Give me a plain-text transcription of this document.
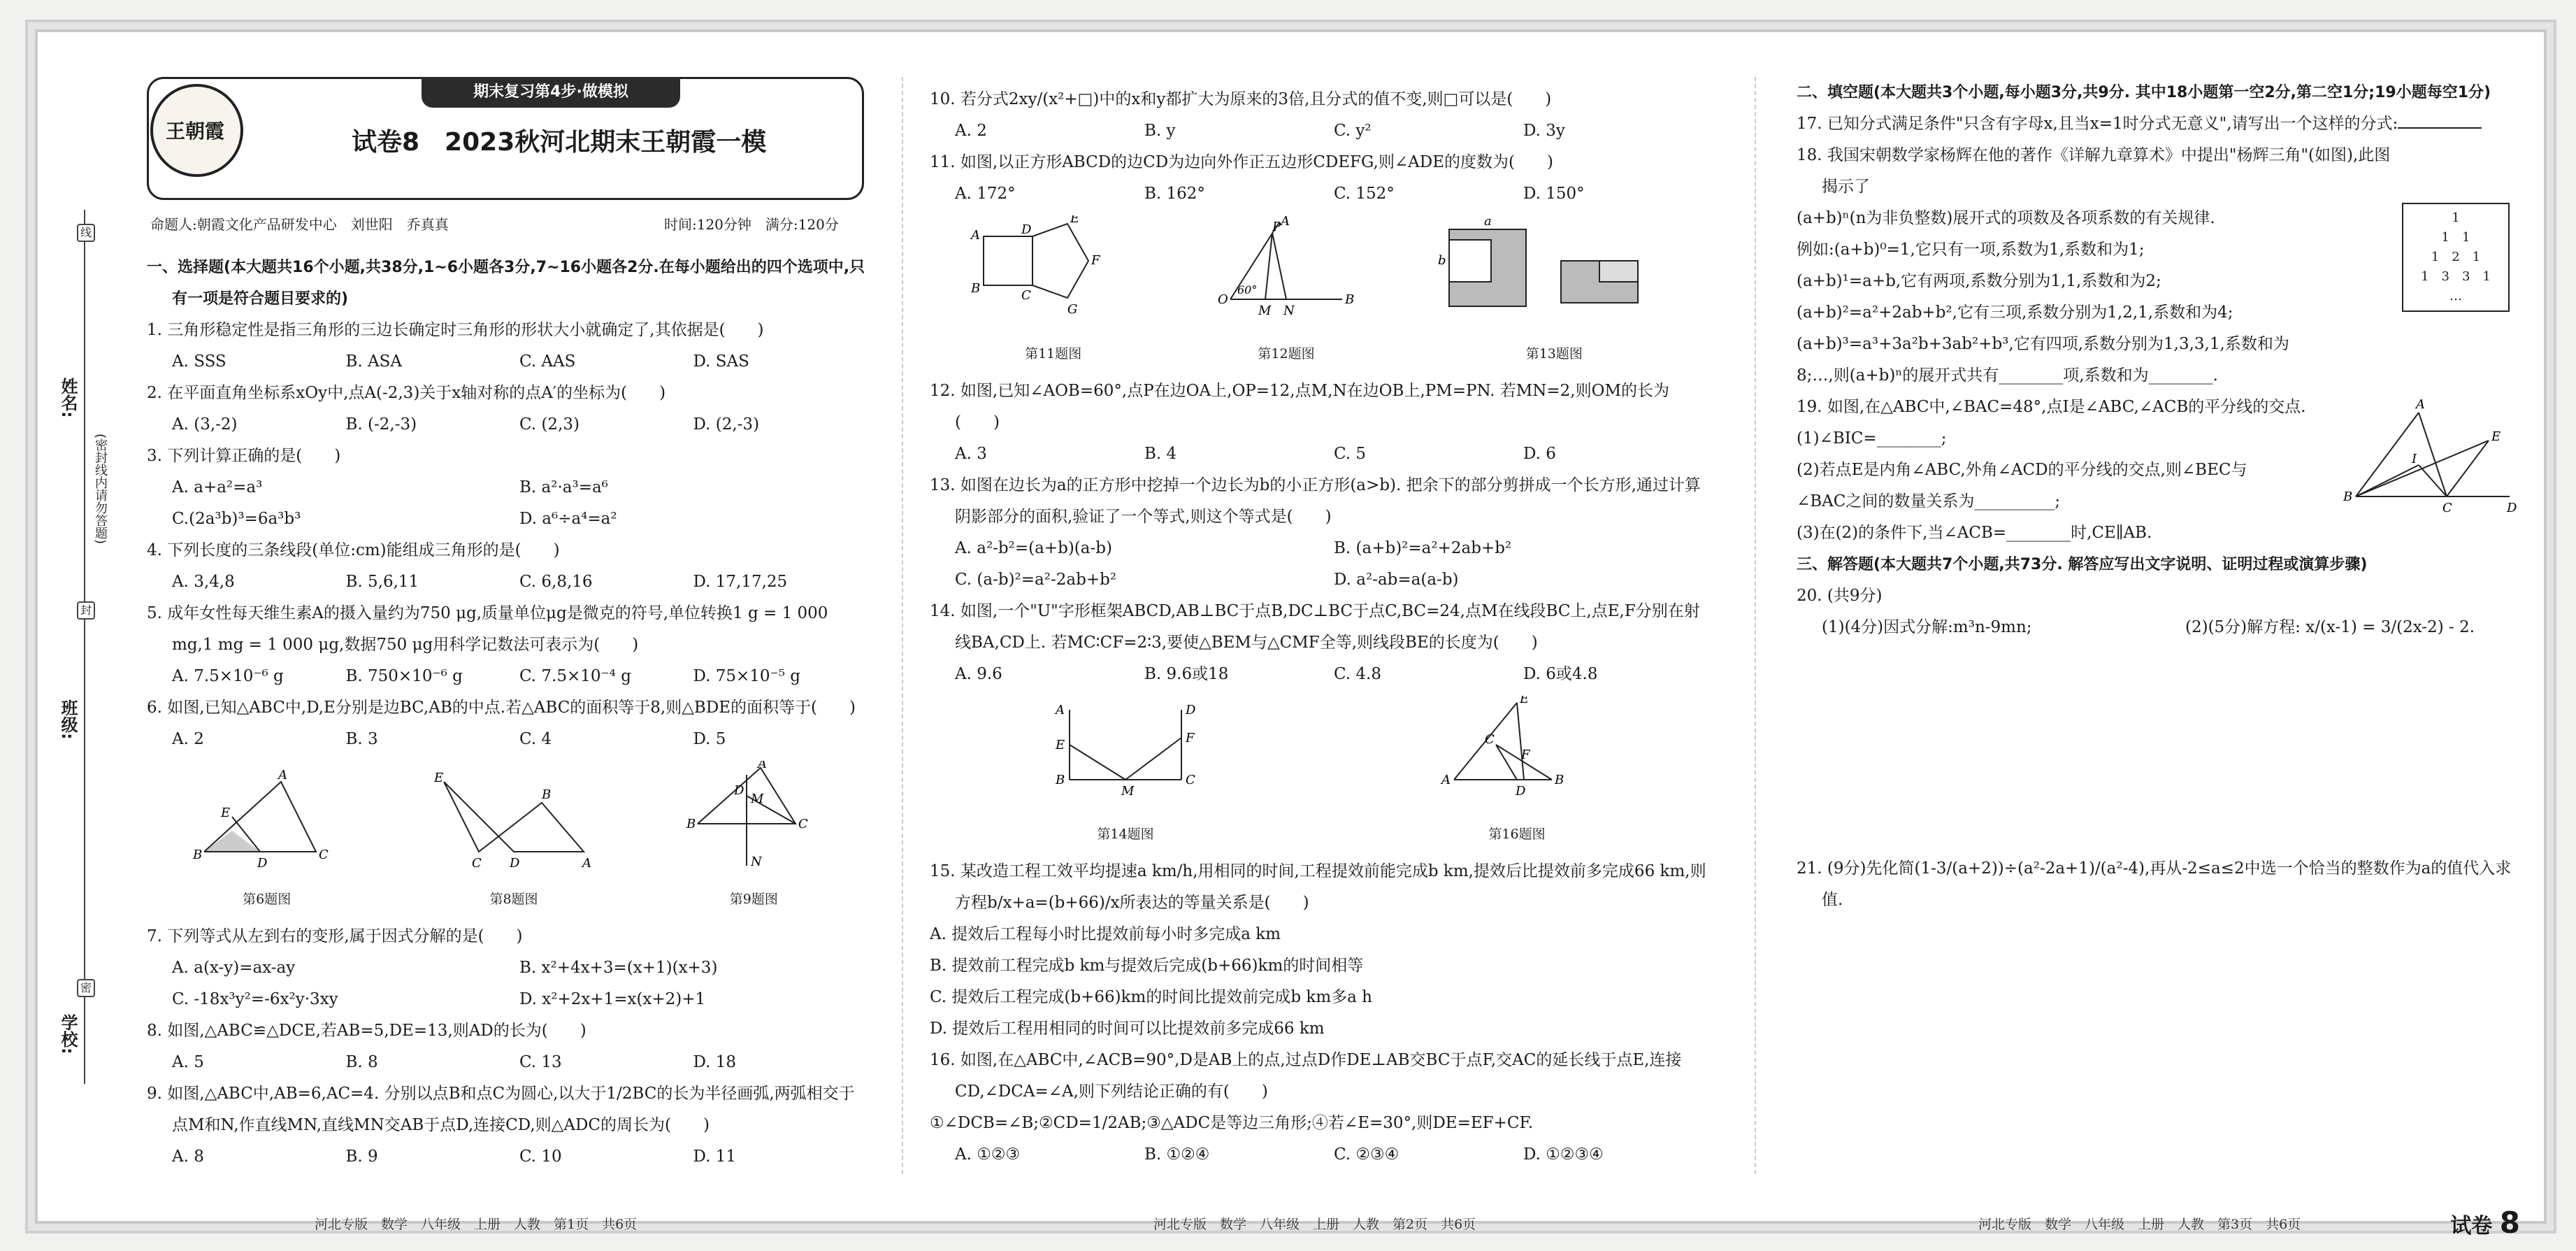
线
封
密
姓名:
(密封线内请勿答题)
班级:
学校:
期末复习第4步·做模拟
试卷8　2023秋河北期末王朝霞一模
王朝霞
命题人:朝霞文化产品研发中心　刘世阳　乔真真	时间:120分钟　满分:120分

一、选择题(本大题共16个小题,共38分,1~6小题各3分,7~16小题各2分.在每小题给出的四个选项中,只有一项是符合题目要求的)

1. 三角形稳定性是指三角形的三边长确定时三角形的形状大小就确定了,其依据是(　　)

A. SSS	B. ASA	C. AAS	D. SAS

2. 在平面直角坐标系xOy中,点A(-2,3)关于x轴对称的点A′的坐标为(　　)

A. (3,-2)	B. (-2,-3)	C. (2,3)	D. (2,-3)

3. 下列计算正确的是(　　)

A. a+a²=a³	B. a²·a³=a⁶
C.(2a³b)³=6a³b³	D. a⁶÷a⁴=a²

4. 下列长度的三条线段(单位:cm)能组成三角形的是(　　)

A. 3,4,8	B. 5,6,11	C. 6,8,16	D. 17,17,25

5. 成年女性每天维生素A的摄入量约为750 μg,质量单位μg是微克的符号,单位转换1 g = 1 000 mg,1 mg = 1 000 μg,数据750 μg用科学记数法可表示为(　　)

A. 7.5×10⁻⁶ g	B. 750×10⁻⁶ g	C. 7.5×10⁻⁴ g	D. 75×10⁻⁵ g

6. 如图,已知△ABC中,D,E分别是边BC,AB的中点.若△ABC的面积等于8,则△BDE的面积等于(　　)

A. 2	B. 3	C. 4	D. 5
B	C
A
D
E
第6题图
E
C D	A
B
第8题图
B	C
A
M
N
D
第9题图

7. 下列等式从左到右的变形,属于因式分解的是(　　)

A. a(x-y)=ax-ay	B. x²+4x+3=(x+1)(x+3)
C. -18x³y²=-6x²y·3xy	D. x²+2x+1=x(x+2)+1

8. 如图,△ABC≌△DCE,若AB=5,DE=13,则AD的长为(　　)

A. 5	B. 8	C. 13	D. 18

9. 如图,△ABC中,AB=6,AC=4. 分别以点B和点C为圆心,以大于1/2BC的长为半径画弧,两弧相交于点M和N,作直线MN,直线MN交AB于点D,连接CD,则△ADC的周长为(　　)

A. 8	B. 9	C. 10	D. 11
河北专版　数学　八年级　上册　人教　第1页　共6页

10. 若分式2xy/(x²+□)中的x和y都扩大为原来的3倍,且分式的值不变,则□可以是(　　)

A. 2	B. y	C. y²	D. 3y

11. 如图,以正方形ABCD的边CD为边向外作正五边形CDEFG,则∠ADE的度数为(　　)

A. 172°	B. 162°	C. 152°	D. 150°
A
B
D
C
E
F
G
第11题图
O	B
P A
M N
60°
第12题图
a
b
第13题图

12. 如图,已知∠AOB=60°,点P在边OA上,OP=12,点M,N在边OB上,PM=PN. 若MN=2,则OM的长为(　　)

A. 3	B. 4	C. 5	D. 6

13. 如图在边长为a的正方形中挖掉一个边长为b的小正方形(a>b). 把余下的部分剪拼成一个长方形,通过计算阴影部分的面积,验证了一个等式,则这个等式是(　　)

A. a²-b²=(a+b)(a-b)	B. (a+b)²=a²+2ab+b²
C. (a-b)²=a²-2ab+b²	D. a²-ab=a(a-b)

14. 如图,一个"U"字形框架ABCD,AB⊥BC于点B,DC⊥BC于点C,BC=24,点M在线段BC上,点E,F分别在射线BA,CD上. 若MC∶CF=2∶3,要使△BEM与△CMF全等,则线段BE的长度为(　　)

A. 9.6	B. 9.6或18	C. 4.8	D. 6或4.8
A
E
B
M
C
F
D
第14题图
A
E
C
F
D
B
第16题图

15. 某改造工程工效平均提速a km/h,用相同的时间,工程提效前能完成b km,提效后比提效前多完成66 km,则方程b/x+a=(b+66)/x所表达的等量关系是(　　)

A. 提效后工程每小时比提效前每小时多完成a km

B. 提效前工程完成b km与提效后完成(b+66)km的时间相等

C. 提效后工程完成(b+66)km的时间比提效前完成b km多a h

D. 提效后工程用相同的时间可以比提效前多完成66 km

16. 如图,在△ABC中,∠ACB=90°,D是AB上的点,过点D作DE⊥AB交BC于点F,交AC的延长线于点E,连接CD,∠DCA=∠A,则下列结论正确的有(　　)

①∠DCB=∠B;②CD=1/2AB;③△ADC是等边三角形;④若∠E=30°,则DE=EF+CF.

A. ①②③	B. ①②④	C. ②③④	D. ①②③④
河北专版　数学　八年级　上册　人教　第2页　共6页

二、填空题(本大题共3个小题,每小题3分,共9分. 其中18小题第一空2分,第二空1分;19小题每空1分)

17. 已知分式满足条件"只含有字母x,且当x=1时分式无意义",请写出一个这样的分式:

18. 我国宋朝数学家杨辉在他的著作《详解九章算术》中提出"杨辉三角"(如图),此图揭示了

(a+b)ⁿ(n为非负整数)展开式的项数及各项系数的有关规律.

例如:(a+b)⁰=1,它只有一项,系数为1,系数和为1;

(a+b)¹=a+b,它有两项,系数分别为1,1,系数和为2;

(a+b)²=a²+2ab+b²,它有三项,系数分别为1,2,1,系数和为4;

(a+b)³=a³+3a²b+3ab²+b³,它有四项,系数分别为1,3,3,1,系数和为

8;…,则(a+b)ⁿ的展开式共有________项,系数和为________.

1
1　1
1　2　1
1　3　3　1
…

19. 如图,在△ABC中,∠BAC=48°,点I是∠ABC,∠ACB的平分线的交点.

(1)∠BIC=________;

(2)若点E是内角∠ABC,外角∠ACD的平分线的交点,则∠BEC与

∠BAC之间的数量关系为__________;

(3)在(2)的条件下,当∠ACB=________时,CE∥AB.

A
B
C	D
E
I

三、解答题(本大题共7个小题,共73分. 解答应写出文字说明、证明过程或演算步骤)

20. (共9分)

(1)(4分)因式分解:m³n-9mn;	(2)(5分)解方程: x/(x-1) = 3/(2x-2) - 2.

21. (9分)先化简(1-3/(a+2))÷(a²-2a+1)/(a²-4),再从-2≤a≤2中选一个恰当的整数作为a的值代入求值.

河北专版　数学　八年级　上册　人教　第3页　共6页	试卷 8
